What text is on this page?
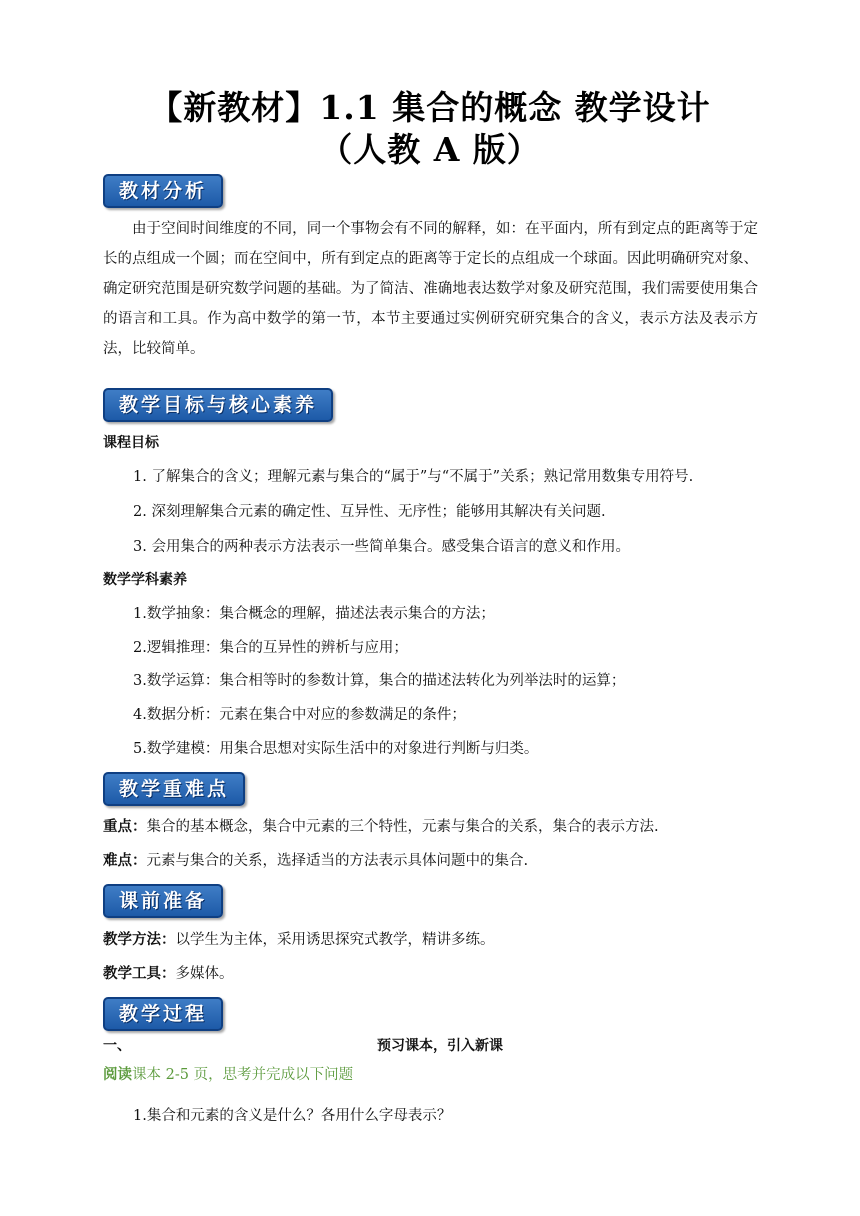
【新教材】1.1 集合的概念 教学设计
（人教 A 版）
教材分析
由于空间时间维度的不同，同一个事物会有不同的解释，如：在平面内，所有到定点的距离等于定长的点组成一个圆；而在空间中，所有到定点的距离等于定长的点组成一个球面。因此明确研究对象、确定研究范围是研究数学问题的基础。为了简洁、准确地表达数学对象及研究范围，我们需要使用集合的语言和工具。作为高中数学的第一节，本节主要通过实例研究研究集合的含义，表示方法及表示方法，比较简单。
教学目标与核心素养
课程目标
1. 了解集合的含义；理解元素与集合的“属于”与“不属于”关系；熟记常用数集专用符号.
2. 深刻理解集合元素的确定性、互异性、无序性；能够用其解决有关问题.
3. 会用集合的两种表示方法表示一些简单集合。感受集合语言的意义和作用。
数学学科素养
1.数学抽象：集合概念的理解，描述法表示集合的方法；
2.逻辑推理：集合的互异性的辨析与应用；
3.数学运算：集合相等时的参数计算，集合的描述法转化为列举法时的运算；
4.数据分析：元素在集合中对应的参数满足的条件；
5.数学建模：用集合思想对实际生活中的对象进行判断与归类。
教学重难点
重点：集合的基本概念，集合中元素的三个特性，元素与集合的关系，集合的表示方法.
难点：元素与集合的关系，选择适当的方法表示具体问题中的集合.
课前准备
教学方法：以学生为主体，采用诱思探究式教学，精讲多练。
教学工具：多媒体。
教学过程
一、	预习课本，引入新课
阅读课本 2-5 页，思考并完成以下问题
1.集合和元素的含义是什么？各用什么字母表示？
